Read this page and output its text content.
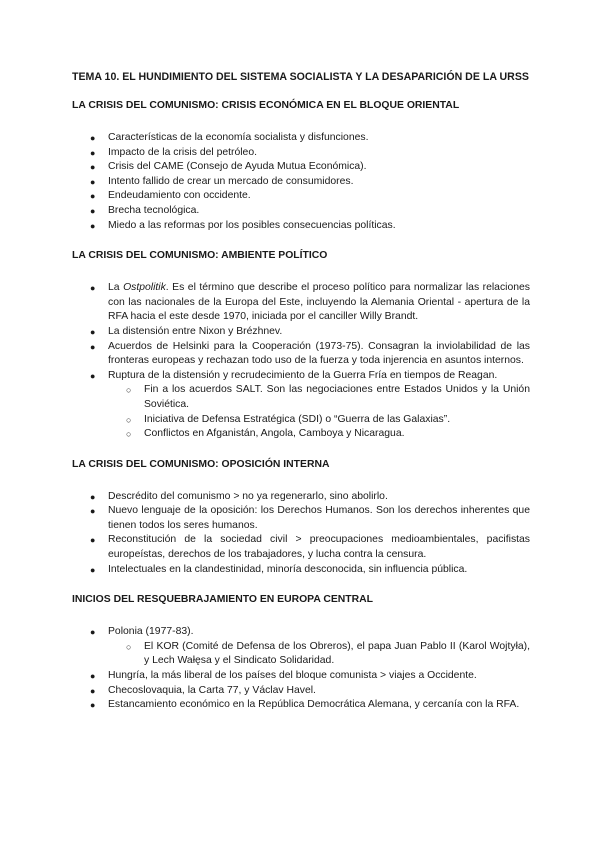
TEMA 10. EL HUNDIMIENTO DEL SISTEMA SOCIALISTA Y LA DESAPARICIÓN DE LA URSS
LA CRISIS DEL COMUNISMO: CRISIS ECONÓMICA EN EL BLOQUE ORIENTAL
● Características de la economía socialista y disfunciones.
● Impacto de la crisis del petróleo.
● Crisis del CAME (Consejo de Ayuda Mutua Económica).
● Intento fallido de crear un mercado de consumidores.
● Endeudamiento con occidente.
● Brecha tecnológica.
● Miedo a las reformas por los posibles consecuencias políticas.
LA CRISIS DEL COMUNISMO: AMBIENTE POLÍTICO
● La Ostpolitik. Es el término que describe el proceso político para normalizar las relaciones con las nacionales de la Europa del Este, incluyendo la Alemania Oriental - apertura de la RFA hacia el este desde 1970, iniciada por el canciller Willy Brandt.
● La distensión entre Nixon y Brézhnev.
● Acuerdos de Helsinki para la Cooperación (1973-75). Consagran la inviolabilidad de las fronteras europeas y rechazan todo uso de la fuerza y toda injerencia en asuntos internos.
● Ruptura de la distensión y recrudecimiento de la Guerra Fría en tiempos de Reagan.
○ Fin a los acuerdos SALT. Son las negociaciones entre Estados Unidos y la Unión Soviética.
○ Iniciativa de Defensa Estratégica (SDI) o “Guerra de las Galaxias”.
○ Conflictos en Afganistán, Angola, Camboya y Nicaragua.
LA CRISIS DEL COMUNISMO: OPOSICIÓN INTERNA
● Descrédito del comunismo > no ya regenerarlo, sino abolirlo.
● Nuevo lenguaje de la oposición: los Derechos Humanos. Son los derechos inherentes que tienen todos los seres humanos.
● Reconstitución de la sociedad civil > preocupaciones medioambientales, pacifistas europeístas, derechos de los trabajadores, y lucha contra la censura.
● Intelectuales en la clandestinidad, minoría desconocida, sin influencia pública.
INICIOS DEL RESQUEBRAJAMIENTO EN EUROPA CENTRAL
● Polonia (1977-83).
○ El KOR (Comité de Defensa de los Obreros), el papa Juan Pablo II (Karol Wojtyła), y Lech Wałęsa y el Sindicato Solidaridad.
● Hungría, la más liberal de los países del bloque comunista > viajes a Occidente.
● Checoslovaquia, la Carta 77, y Václav Havel.
● Estancamiento económico en la República Democrática Alemana, y cercanía con la RFA.
